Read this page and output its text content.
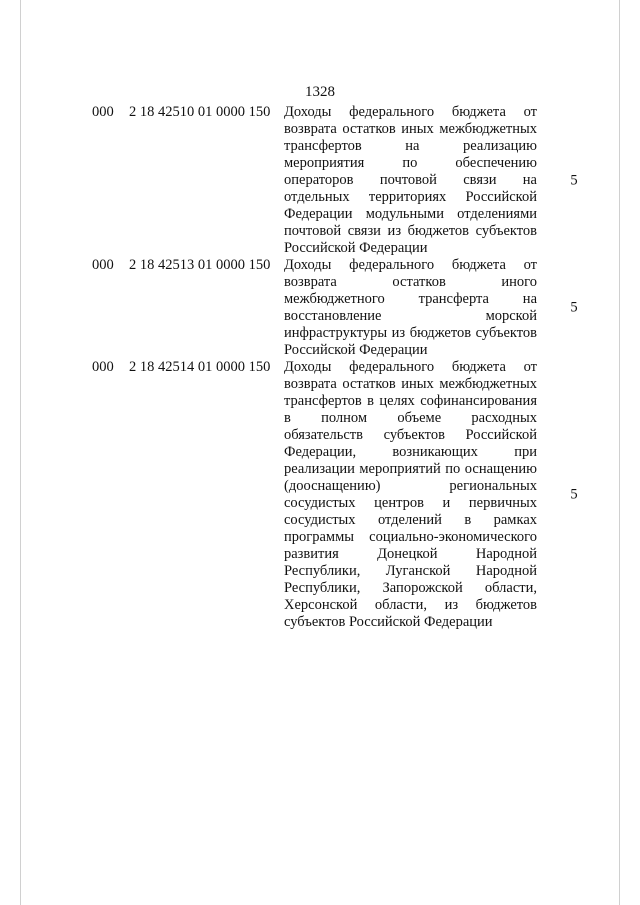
1328
000 2 18 42510 01 0000 150 Доходы федерального бюджета от возврата остатков иных межбюджетных трансфертов на реализацию мероприятия по обеспечению операторов почтовой связи на отдельных территориях Российской Федерации модульными отделениями почтовой связи из бюджетов субъектов Российской Федерации
5
000 2 18 42513 01 0000 150 Доходы федерального бюджета от возврата остатков иного межбюджетного трансферта на восстановление морской инфраструктуры из бюджетов субъектов Российской Федерации
5
000 2 18 42514 01 0000 150 Доходы федерального бюджета от возврата остатков иных межбюджетных трансфертов в целях софинансирования в полном объеме расходных обязательств субъектов Российской Федерации, возникающих при реализации мероприятий по оснащению (дооснащению) региональных сосудистых центров и первичных сосудистых отделений в рамках программы социально-экономического развития Донецкой Народной Республики, Луганской Народной Республики, Запорожской области, Херсонской области, из бюджетов субъектов Российской Федерации
5
